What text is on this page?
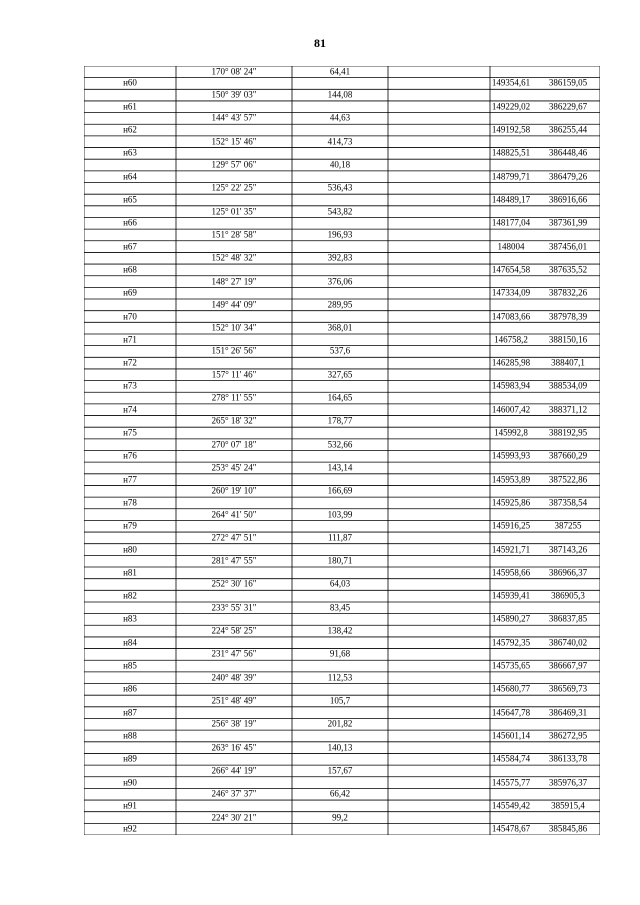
81
170° 08' 24"	64,41
н60	149354,61 386159,05
150° 39' 03"	144,08
н61	149229,02 386229,67
144° 43' 57"	44,63
н62	149192,58 386255,44
152° 15' 46"	414,73
н63	148825,51 386448,46
129° 57' 06"	40,18
н64	148799,71 386479,26
125° 22' 25"	536,43
н65	148489,17 386916,66
125° 01' 35"	543,82
н66	148177,04 387361,99
151° 28' 58"	196,93
н67	148004	387456,01
152° 48' 32"	392,83
н68	147654,58 387635,52
148° 27' 19"	376,06
н69	147334,09 387832,26
149° 44' 09"	289,95
н70	147083,66 387978,39
152° 10' 34"	368,01
н71	146758,2 388150,16
151° 26' 56"	537,6
н72	146285,98 388407,1
157° 11' 46"	327,65
н73	145983,94 388534,09
278° 11' 55"	164,65
н74	146007,42 388371,12
265° 18' 32"	178,77
н75	145992,8 388192,95
270° 07' 18"	532,66
н76	145993,93 387660,29
253° 45' 24"	143,14
н77	145953,89 387522,86
260° 19' 10"	166,69
н78	145925,86 387358,54
264° 41' 50"	103,99
н79	145916,25	387255
272° 47' 51"	111,87
н80	145921,71 387143,26
281° 47' 55"	180,71
н81	145958,66 386966,37
252° 30' 16"	64,03
н82	145939,41 386905,3
233° 55' 31"	83,45
н83	145890,27 386837,85
224° 58' 25"	138,42
н84	145792,35 386740,02
231° 47' 56"	91,68
н85	145735,65 386667,97
240° 48' 39"	112,53
н86	145680,77 386569,73
251° 48' 49"	105,7
н87	145647,78 386469,31
256° 38' 19"	201,82
н88	145601,14 386272,95
263° 16' 45"	140,13
н89	145584,74 386133,78
266° 44' 19"	157,67
н90	145575,77 385976,37
246° 37' 37"	66,42
н91	145549,42 385915,4
224° 30' 21"	99,2
н92	145478,67 385845,86
